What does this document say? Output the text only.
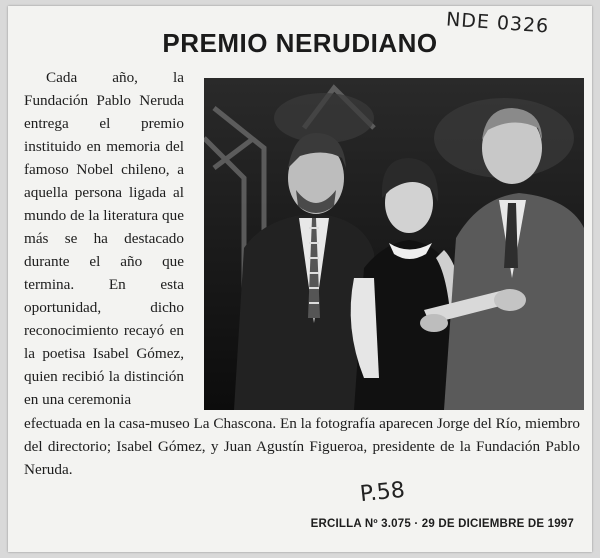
NDE 0326
PREMIO NERUDIANO
Cada año, la Fundación Pablo Neruda entrega el premio instituido en memoria del famoso Nobel chileno, a aquella persona ligada al mundo de la literatura que más se ha destacado durante el año que termina. En esta oportunidad, dicho reconocimiento recayó en la poetisa Isabel Gómez, quien recibió la distinción en una ceremonia
efectuada en la casa-museo La Chascona. En la fotografía aparecen Jorge del Río, miembro del directorio; Isabel Gómez, y Juan Agustín Figueroa, presidente de la Fundación Pablo Neruda.
P.58
ERCILLA Nº 3.075 · 29 DE DICIEMBRE DE 1997
